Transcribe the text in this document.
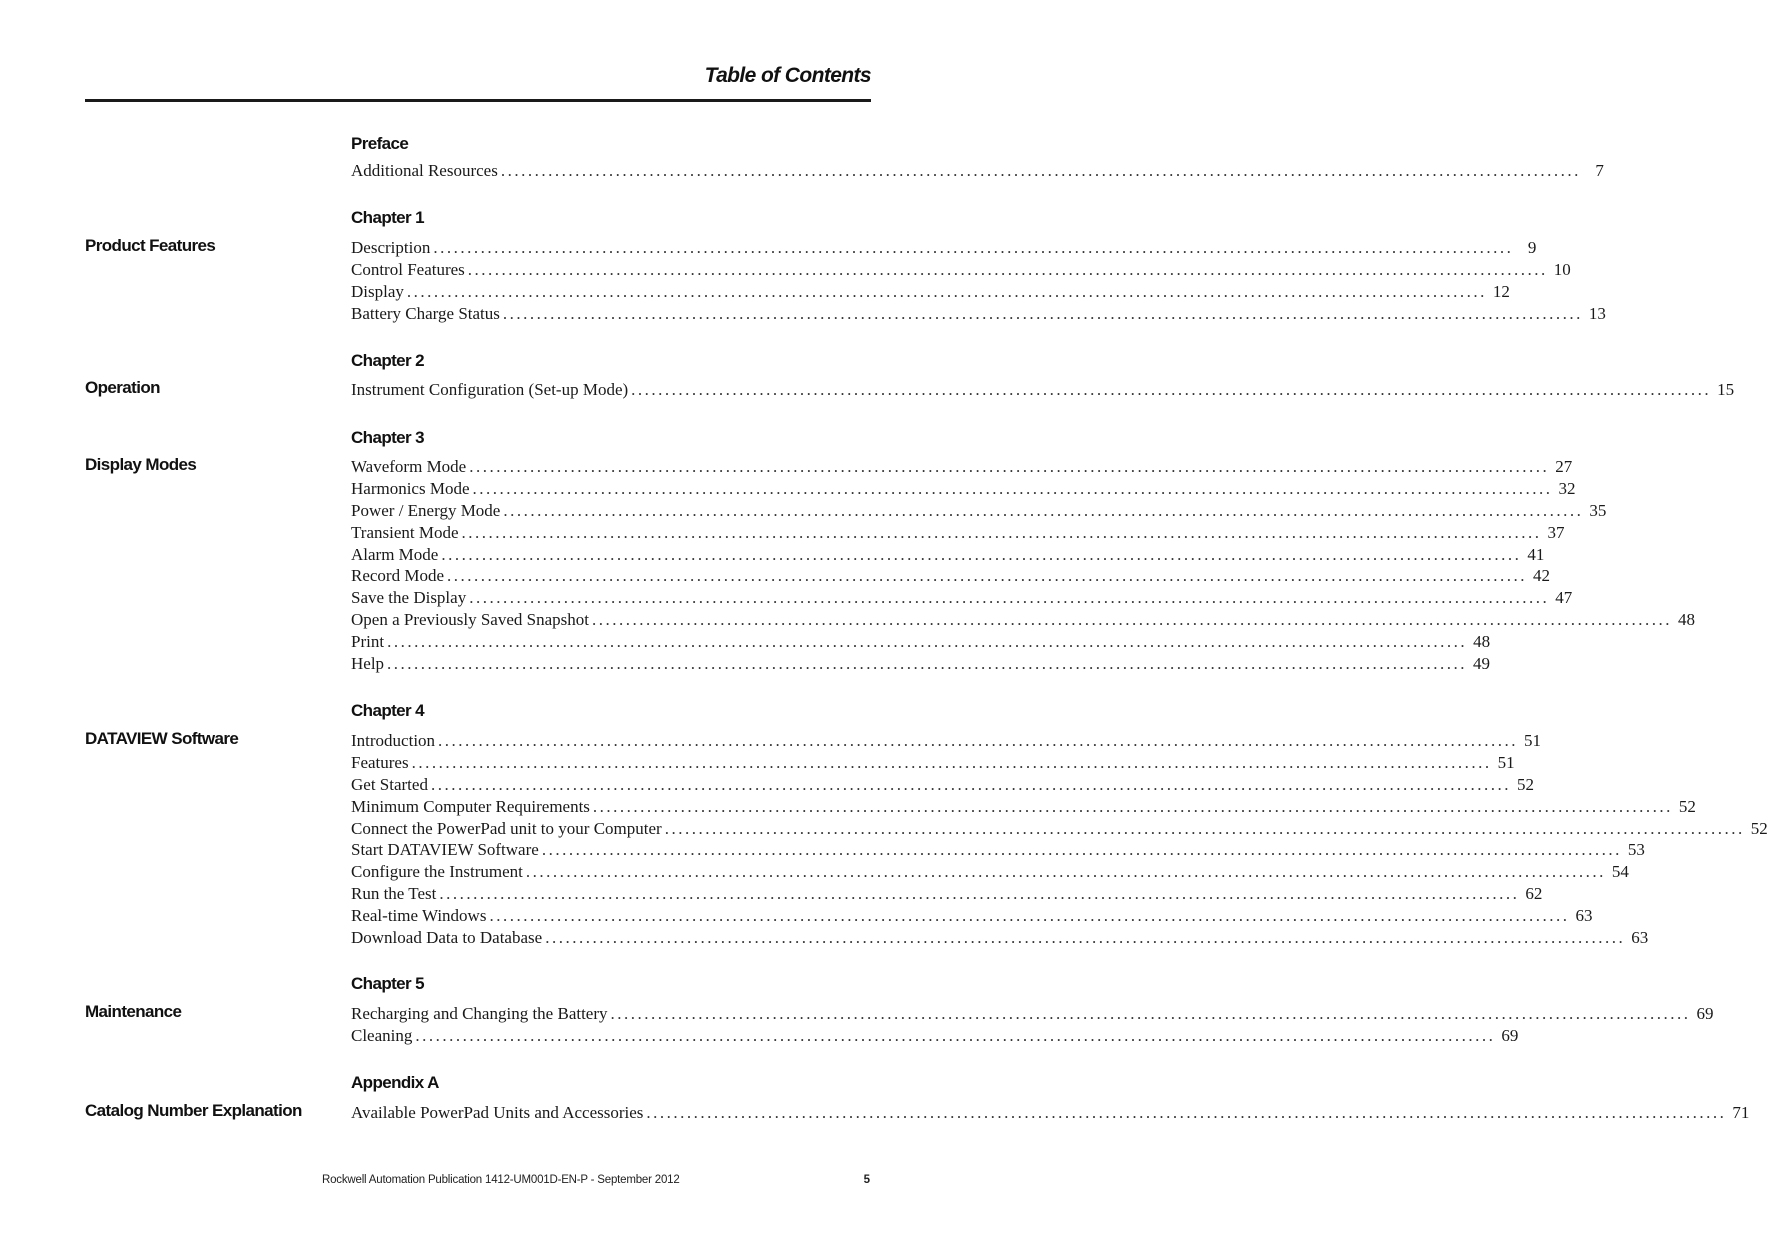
Table of Contents
Preface
Additional Resources ................................................................................................................................................................ 7
Chapter 1
Product Features	Description ................................................................................................................................................................ 9
Control Features ................................................................................................................................................................ 10
Display ................................................................................................................................................................ 12
Battery Charge Status ................................................................................................................................................................ 13
Chapter 2
Operation	Instrument Configuration (Set-up Mode) ................................................................................................................................................................ 15
Chapter 3
Display Modes	Waveform Mode ................................................................................................................................................................ 27
Harmonics Mode ................................................................................................................................................................ 32
Power / Energy Mode ................................................................................................................................................................ 35
Transient Mode ................................................................................................................................................................ 37
Alarm Mode ................................................................................................................................................................ 41
Record Mode ................................................................................................................................................................ 42
Save the Display ................................................................................................................................................................ 47
Open a Previously Saved Snapshot ................................................................................................................................................................ 48
Print ................................................................................................................................................................ 48
Help ................................................................................................................................................................ 49
Chapter 4
DATAVIEW Software	Introduction ................................................................................................................................................................ 51
Features ................................................................................................................................................................ 51
Get Started ................................................................................................................................................................ 52
Minimum Computer Requirements ................................................................................................................................................................ 52
Connect the PowerPad unit to your Computer ................................................................................................................................................................ 52
Start DATAVIEW Software ................................................................................................................................................................ 53
Configure the Instrument ................................................................................................................................................................ 54
Run the Test ................................................................................................................................................................ 62
Real-time Windows ................................................................................................................................................................ 63
Download Data to Database ................................................................................................................................................................ 63
Chapter 5
Maintenance	Recharging and Changing the Battery ................................................................................................................................................................ 69
Cleaning ................................................................................................................................................................ 69
Appendix A
Catalog Number Explanation	Available PowerPad Units and Accessories ................................................................................................................................................................ 71
Rockwell Automation Publication 1412-UM001D-EN-P - September 2012	5
